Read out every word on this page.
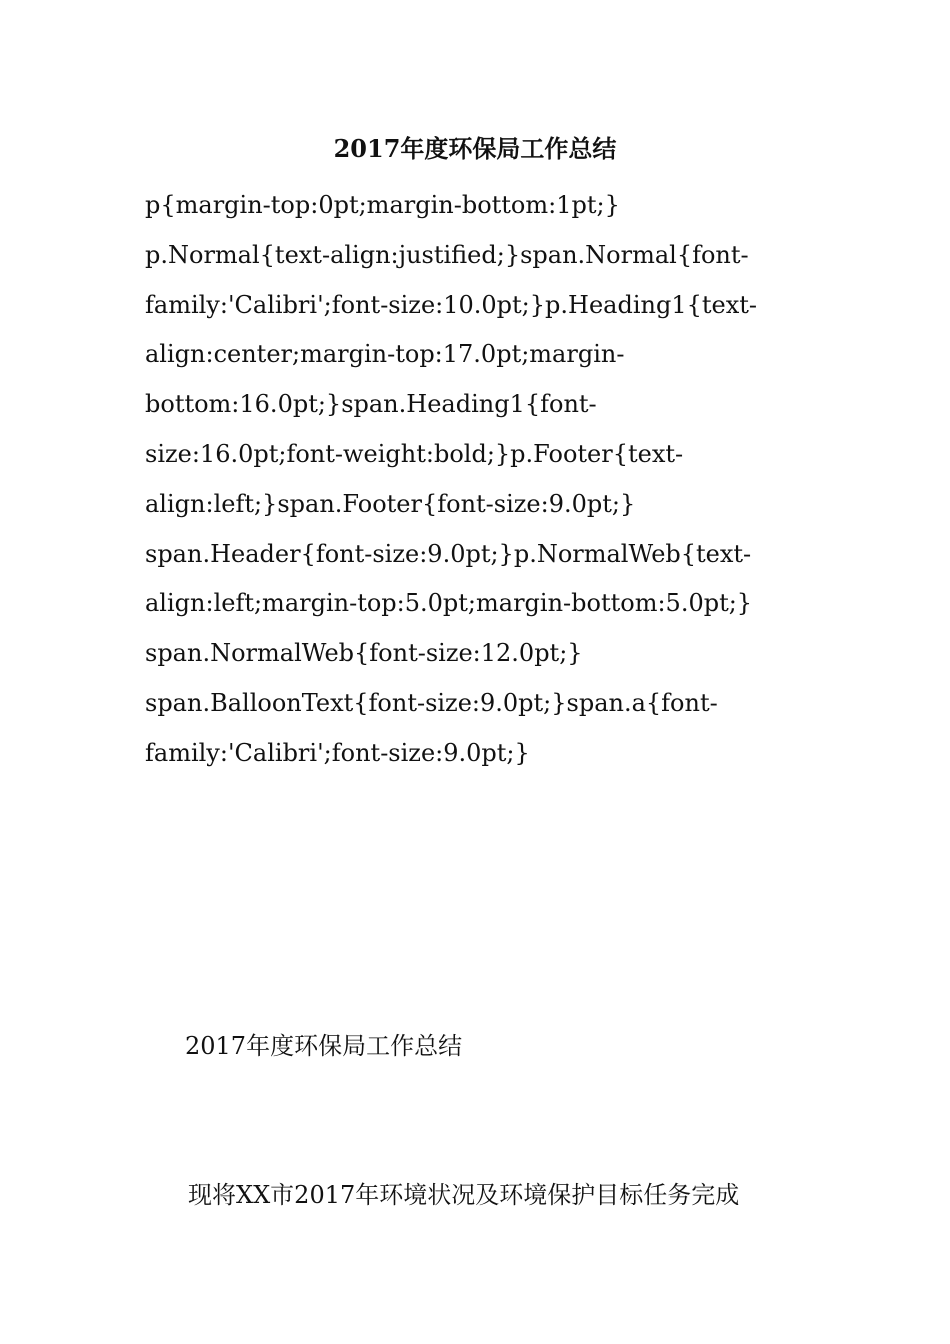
2017年度环保局工作总结
p{margin-top:0pt;margin-bottom:1pt;}
p.Normal{text-align:justified;}span.Normal{font-
family:'Calibri';font-size:10.0pt;}p.Heading1{text-
align:center;margin-top:17.0pt;margin-
bottom:16.0pt;}span.Heading1{font-
size:16.0pt;font-weight:bold;}p.Footer{text-
align:left;}span.Footer{font-size:9.0pt;}
span.Header{font-size:9.0pt;}p.NormalWeb{text-
align:left;margin-top:5.0pt;margin-bottom:5.0pt;}
span.NormalWeb{font-size:12.0pt;}
span.BalloonText{font-size:9.0pt;}span.a{font-
family:'Calibri';font-size:9.0pt;}

2017年度环保局工作总结

现将XX市2017年环境状况及环境保护目标任务完成
